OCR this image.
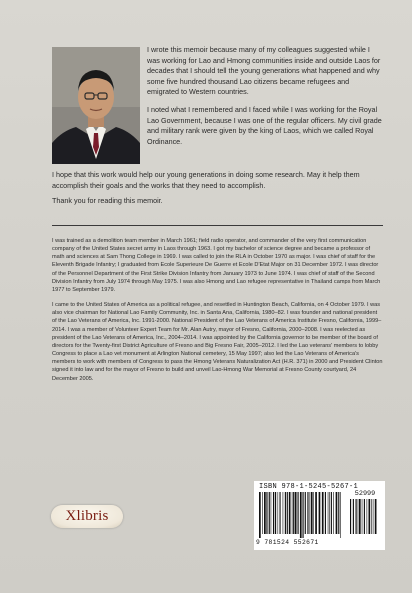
I wrote this memoir because many of my colleagues suggested while I was working for Lao and Hmong communities inside and outside Laos for decades that I should tell the young generations what happened and why some five hundred thousand Lao citizens became refugees and emigrated to Western countries.

I noted what I remembered and I faced while I was working for the Royal Lao Government, because I was one of the regular officers. My civil grade and military rank were given by the king of Laos, which we called Royal Ordinance.

I hope that this work would help our young generations in doing some research. May it help them accomplish their goals and the works that they need to accomplish.

Thank you for reading this memoir.

I was trained as a demolition team member in March 1961; field radio operator, and commander of the very first communication company of the United States secret army in Laos through 1963. I got my bachelor of science degree and became a professor of math and sciences at Sam Thong College in 1969. I was called to join the RLA in October 1970 as major. I was chief of staff for the Eleventh Brigade Infantry; I graduated from Ecole Superieure De Guerre et Ecole D'Etat Major on 31 December 1972. I was director of the Personnel Department of the First Strike Division Infantry from January 1973 to June 1974. I was chief of staff of the Second Division Infantry from July 1974 through May 1975. I was also Hmong and Lao refugee representative in Thailand camps from March 1977 to September 1979.

I came to the United States of America as a political refugee, and resettled in Huntington Beach, California, on 4 October 1979. I was also vice chairman for National Lao Family Community, Inc. in Santa Ana, California, 1980–82. I was founder and national president of the Lao Veterans of America, Inc. 1991-2000. National President of the Lao Veterans of America Institute Fresno, California, 1999–2014. I was a member of Volunteer Expert Team for Mr. Alan Autry, mayor of Fresno, California, 2000–2008. I was reelected as president of the Lao Veterans of America, Inc., 2004–2014. I was appointed by the California governor to be member of the board of directors for the Twenty-first District Agriculture of Fresno and Big Fresno Fair, 2005–2012. I led the Lao veterans' members to lobby Congress to place a Lao vet monument at Arlington National cemetery, 15 May 1997; also led the Lao Veterans of America's members to work with members of Congress to pass the Hmong Veterans Naturalization Act (H.R. 371) in 2000 and President Clinton signed it into law and for the mayor of Fresno to build and unveil Lao-Hmong War Memorial at Fresno County courtyard, 24 December 2005.

Xlibris
ISBN 978-1-5245-5267-1
52999
9 781524 552671
